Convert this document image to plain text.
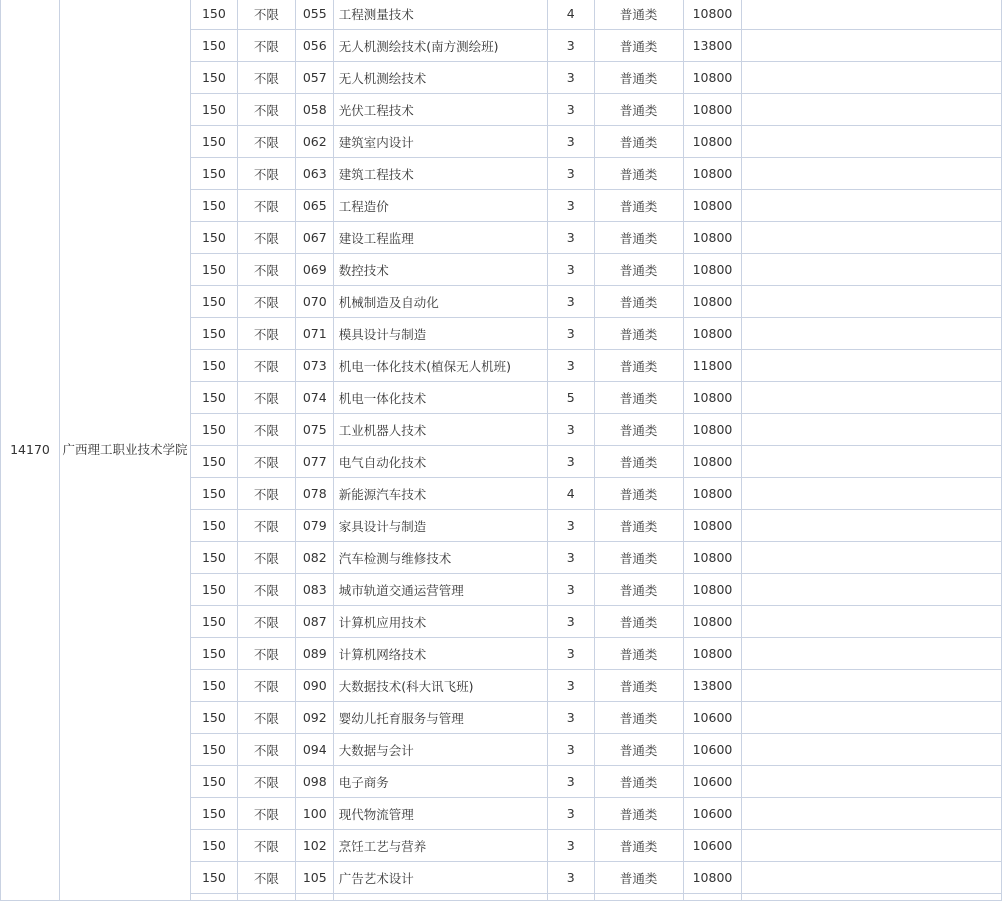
14170	广西理工职业技术学院	150	不限	055	工程测量技术	4	普通类	10800	
		150	不限	056	无人机测绘技术(南方测绘班)	3	普通类	13800	
		150	不限	057	无人机测绘技术	3	普通类	10800	
		150	不限	058	光伏工程技术	3	普通类	10800	
		150	不限	062	建筑室内设计	3	普通类	10800	
		150	不限	063	建筑工程技术	3	普通类	10800	
		150	不限	065	工程造价	3	普通类	10800	
		150	不限	067	建设工程监理	3	普通类	10800	
		150	不限	069	数控技术	3	普通类	10800	
		150	不限	070	机械制造及自动化	3	普通类	10800	
		150	不限	071	模具设计与制造	3	普通类	10800	
		150	不限	073	机电一体化技术(植保无人机班)	3	普通类	11800	
		150	不限	074	机电一体化技术	5	普通类	10800	
		150	不限	075	工业机器人技术	3	普通类	10800	
		150	不限	077	电气自动化技术	3	普通类	10800	
		150	不限	078	新能源汽车技术	4	普通类	10800	
		150	不限	079	家具设计与制造	3	普通类	10800	
		150	不限	082	汽车检测与维修技术	3	普通类	10800	
		150	不限	083	城市轨道交通运营管理	3	普通类	10800	
		150	不限	087	计算机应用技术	3	普通类	10800	
		150	不限	089	计算机网络技术	3	普通类	10800	
		150	不限	090	大数据技术(科大讯飞班)	3	普通类	13800	
		150	不限	092	婴幼儿托育服务与管理	3	普通类	10600	
		150	不限	094	大数据与会计	3	普通类	10600	
		150	不限	098	电子商务	3	普通类	10600	
		150	不限	100	现代物流管理	3	普通类	10600	
		150	不限	102	烹饪工艺与营养	3	普通类	10600	
		150	不限	105	广告艺术设计	3	普通类	10800	
